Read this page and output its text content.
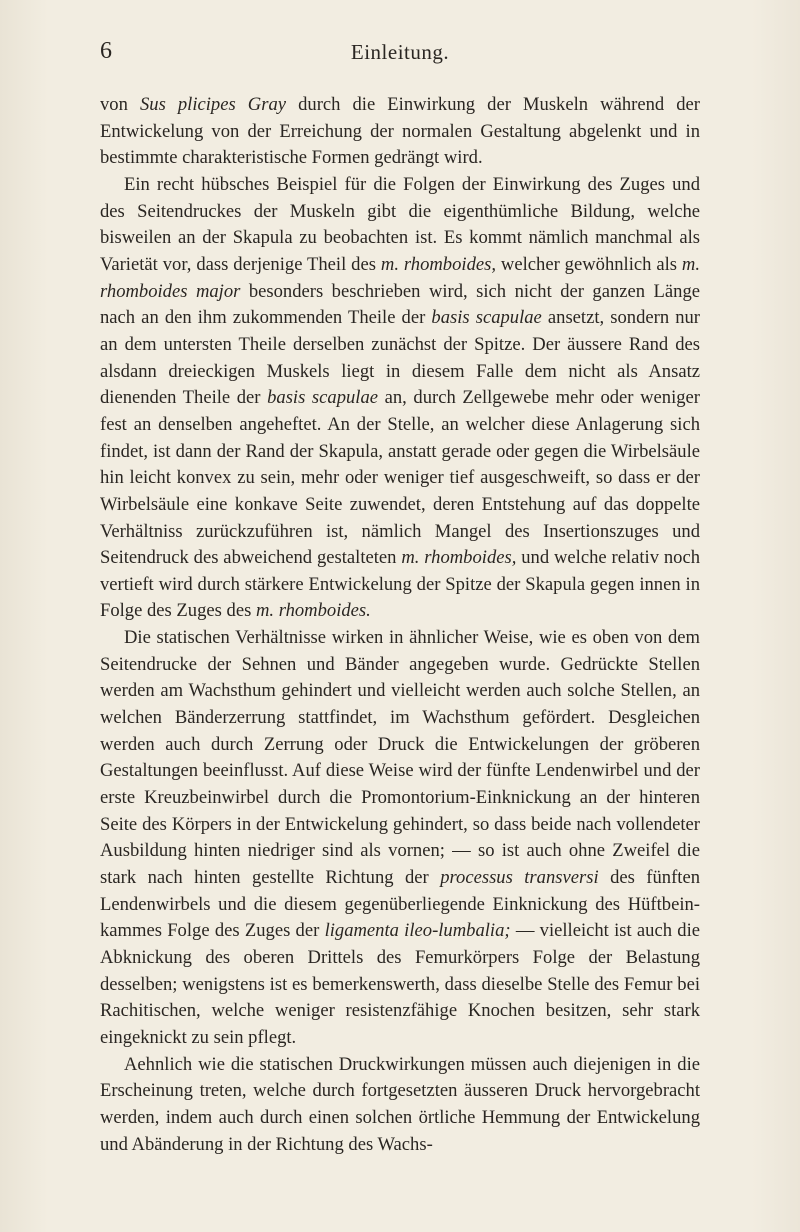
6	Einleitung.

von Sus plicipes Gray durch die Einwirkung der Muskeln während der Entwickelung von der Erreichung der normalen Gestaltung abgelenkt und in bestimmte charakteristische Formen gedrängt wird.

Ein recht hübsches Beispiel für die Folgen der Einwirkung des Zuges und des Seitendruckes der Muskeln gibt die eigenthümliche Bildung, welche bisweilen an der Skapula zu beobachten ist. Es kommt nämlich manchmal als Varietät vor, dass derjenige Theil des m. rhomboides, welcher gewöhnlich als m. rhomboides major besonders beschrieben wird, sich nicht der ganzen Länge nach an den ihm zukommenden Theile der basis scapulae ansetzt, sondern nur an dem untersten Theile derselben zunächst der Spitze. Der äussere Rand des alsdann dreieckigen Muskels liegt in diesem Falle dem nicht als Ansatz dienenden Theile der basis scapulae an, durch Zellgewebe mehr oder weniger fest an denselben angeheftet. An der Stelle, an welcher diese Anlagerung sich findet, ist dann der Rand der Skapula, anstatt gerade oder gegen die Wirbelsäule hin leicht konvex zu sein, mehr oder weniger tief ausgeschweift, so dass er der Wirbelsäule eine konkave Seite zuwendet, deren Entstehung auf das doppelte Verhältniss zurückzuführen ist, nämlich Mangel des Insertionszuges und Seitendruck des abweichend gestalteten m. rhomboides, und welche relativ noch vertieft wird durch stärkere Entwickelung der Spitze der Skapula gegen innen in Folge des Zuges des m. rhomboides.

Die statischen Verhältnisse wirken in ähnlicher Weise, wie es oben von dem Seitendrucke der Sehnen und Bänder angegeben wurde. Gedrückte Stellen werden am Wachsthum gehindert und vielleicht werden auch solche Stellen, an welchen Bänderzerrung stattfindet, im Wachsthum gefördert. Desgleichen werden auch durch Zerrung oder Druck die Entwickelungen der gröberen Gestaltungen beeinflusst. Auf diese Weise wird der fünfte Lendenwirbel und der erste Kreuzbeinwirbel durch die Promontorium-Einknickung an der hinteren Seite des Körpers in der Entwickelung gehindert, so dass beide nach vollendeter Ausbildung hinten niedriger sind als vornen; — so ist auch ohne Zweifel die stark nach hinten gestellte Richtung der processus transversi des fünften Lendenwirbels und die diesem gegenüberliegende Einknickung des Hüftbeinkammes Folge des Zuges der ligamenta ileo-lumbalia; — vielleicht ist auch die Abknickung des oberen Drittels des Femurkörpers Folge der Belastung desselben; wenigstens ist es bemerkenswerth, dass dieselbe Stelle des Femur bei Rachitischen, welche weniger resistenzfähige Knochen besitzen, sehr stark eingeknickt zu sein pflegt.

Aehnlich wie die statischen Druckwirkungen müssen auch diejenigen in die Erscheinung treten, welche durch fortgesetzten äusseren Druck hervorgebracht werden, indem auch durch einen solchen örtliche Hemmung der Entwickelung und Abänderung in der Richtung des Wachs-
